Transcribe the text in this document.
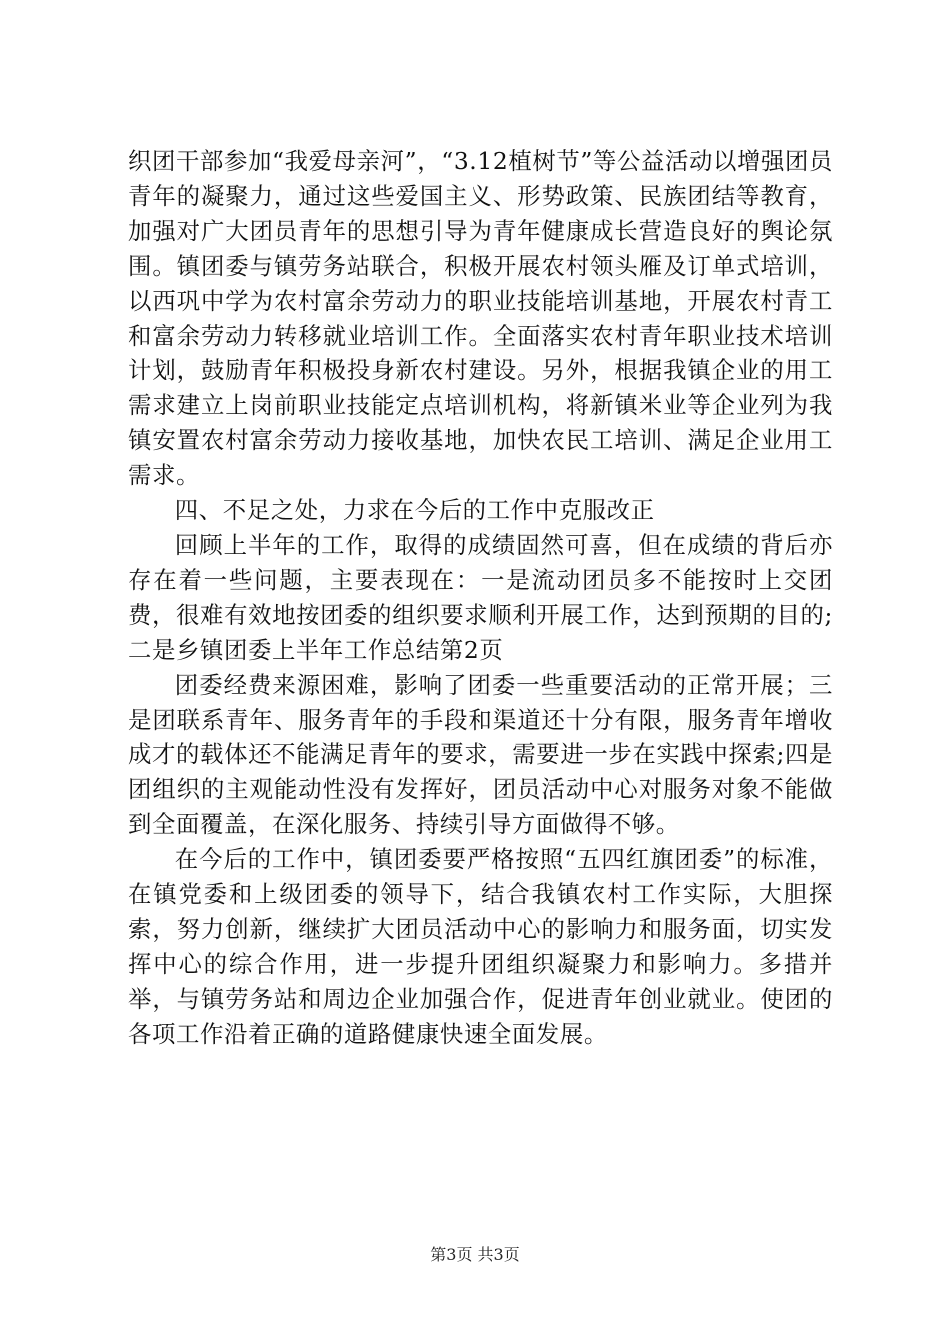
织团干部参加“我爱母亲河”，“3.12植树节”等公益活动以增强团员青年的凝聚力，通过这些爱国主义、形势政策、民族团结等教育，加强对广大团员青年的思想引导为青年健康成长营造良好的舆论氛围。镇团委与镇劳务站联合，积极开展农村领头雁及订单式培训，以西巩中学为农村富余劳动力的职业技能培训基地，开展农村青工和富余劳动力转移就业培训工作。全面落实农村青年职业技术培训计划，鼓励青年积极投身新农村建设。另外，根据我镇企业的用工需求建立上岗前职业技能定点培训机构，将新镇米业等企业列为我镇安置农村富余劳动力接收基地，加快农民工培训、满足企业用工需求。

四、不足之处，力求在今后的工作中克服改正

回顾上半年的工作，取得的成绩固然可喜，但在成绩的背后亦存在着一些问题，主要表现在：一是流动团员多不能按时上交团费，很难有效地按团委的组织要求顺利开展工作，达到预期的目的;二是乡镇团委上半年工作总结第2页

团委经费来源困难，影响了团委一些重要活动的正常开展；三是团联系青年、服务青年的手段和渠道还十分有限，服务青年增收成才的载体还不能满足青年的要求，需要进一步在实践中探索;四是团组织的主观能动性没有发挥好，团员活动中心对服务对象不能做到全面覆盖，在深化服务、持续引导方面做得不够。

在今后的工作中，镇团委要严格按照“五四红旗团委”的标准，在镇党委和上级团委的领导下，结合我镇农村工作实际，大胆探索，努力创新，继续扩大团员活动中心的影响力和服务面，切实发挥中心的综合作用，进一步提升团组织凝聚力和影响力。多措并举，与镇劳务站和周边企业加强合作，促进青年创业就业。使团的各项工作沿着正确的道路健康快速全面发展。

第3页 共3页
